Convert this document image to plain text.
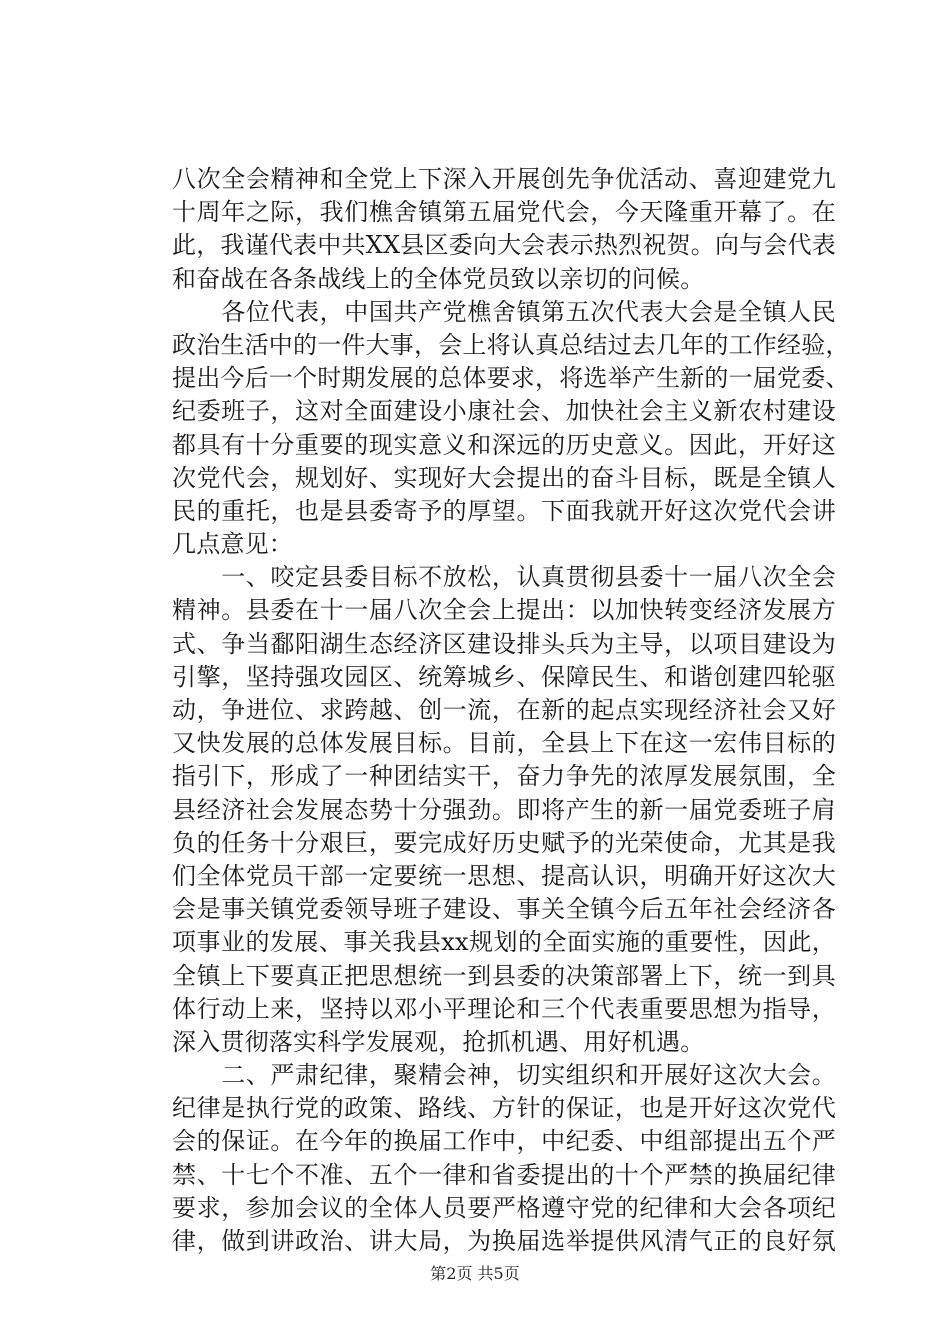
八次全会精神和全党上下深入开展创先争优活动、喜迎建党九
十周年之际，我们樵舍镇第五届党代会，今天隆重开幕了。在
此，我谨代表中共XX县区委向大会表示热烈祝贺。向与会代表
和奋战在各条战线上的全体党员致以亲切的问候。
　　各位代表，中国共产党樵舍镇第五次代表大会是全镇人民
政治生活中的一件大事，会上将认真总结过去几年的工作经验，
提出今后一个时期发展的总体要求，将选举产生新的一届党委、
纪委班子，这对全面建设小康社会、加快社会主义新农村建设
都具有十分重要的现实意义和深远的历史意义。因此，开好这
次党代会，规划好、实现好大会提出的奋斗目标，既是全镇人
民的重托，也是县委寄予的厚望。下面我就开好这次党代会讲
几点意见：
　　一、咬定县委目标不放松，认真贯彻县委十一届八次全会
精神。县委在十一届八次全会上提出：以加快转变经济发展方
式、争当鄱阳湖生态经济区建设排头兵为主导，以项目建设为
引擎，坚持强攻园区、统筹城乡、保障民生、和谐创建四轮驱
动，争进位、求跨越、创一流，在新的起点实现经济社会又好
又快发展的总体发展目标。目前，全县上下在这一宏伟目标的
指引下，形成了一种团结实干，奋力争先的浓厚发展氛围，全
县经济社会发展态势十分强劲。即将产生的新一届党委班子肩
负的任务十分艰巨，要完成好历史赋予的光荣使命，尤其是我
们全体党员干部一定要统一思想、提高认识，明确开好这次大
会是事关镇党委领导班子建设、事关全镇今后五年社会经济各
项事业的发展、事关我县xx规划的全面实施的重要性，因此，
全镇上下要真正把思想统一到县委的决策部署上下，统一到具
体行动上来，坚持以邓小平理论和三个代表重要思想为指导，
深入贯彻落实科学发展观，抢抓机遇、用好机遇。
　　二、严肃纪律，聚精会神，切实组织和开展好这次大会。
纪律是执行党的政策、路线、方针的保证，也是开好这次党代
会的保证。在今年的换届工作中，中纪委、中组部提出五个严
禁、十七个不准、五个一律和省委提出的十个严禁的换届纪律
要求，参加会议的全体人员要严格遵守党的纪律和大会各项纪
律，做到讲政治、讲大局，为换届选举提供风清气正的良好氛
第2页 共5页
